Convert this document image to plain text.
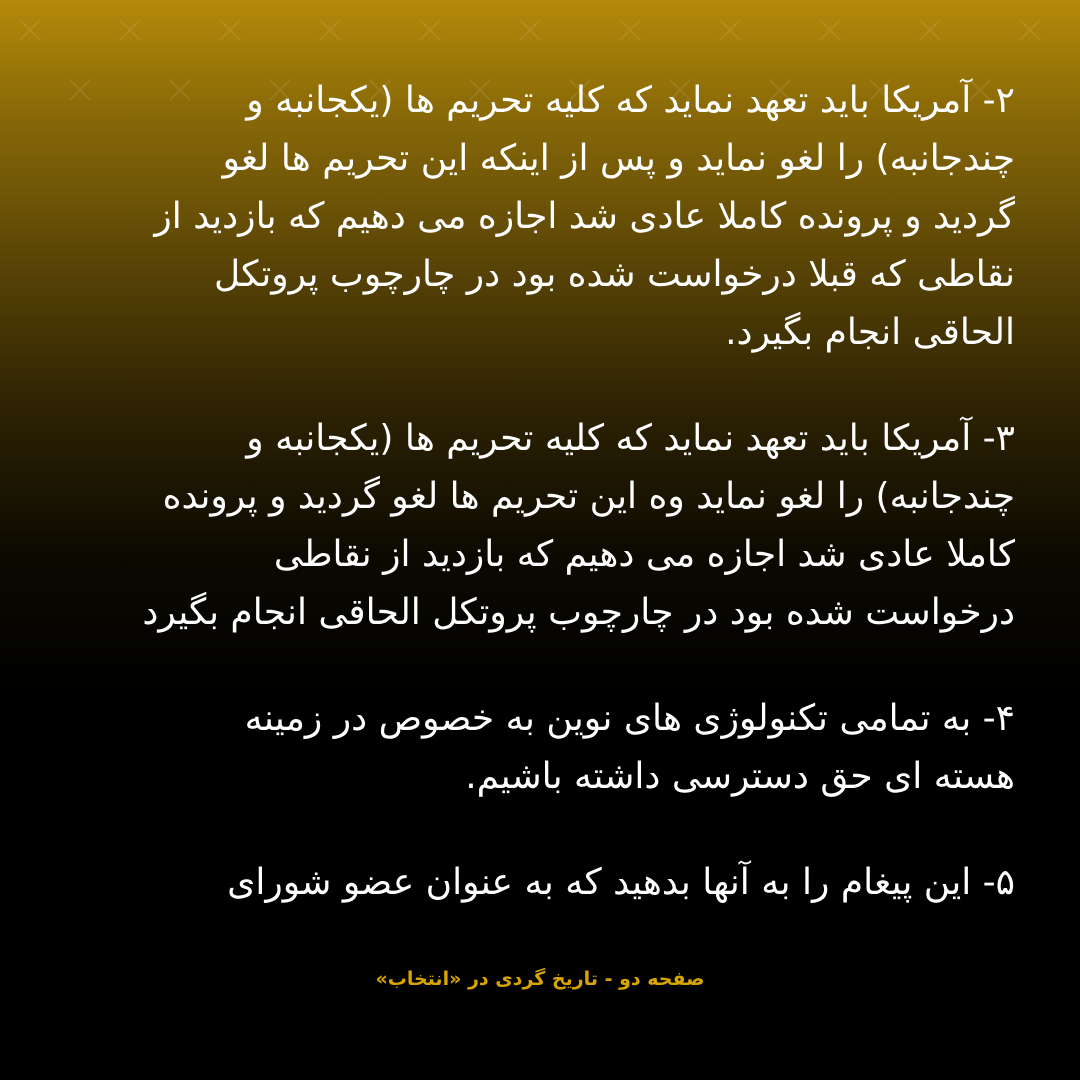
۲- آمریکا باید تعهد نماید که کلیه تحریم ها (یکجانبه و
چندجانبه) را لغو نماید و پس از اینکه این تحریم ها لغو
گردید و پرونده کاملا عادی شد اجازه می دهیم که بازدید از
نقاطی که قبلا درخواست شده بود در چارچوب پروتکل
الحاقی انجام بگیرد.
۳- آمریکا باید تعهد نماید که کلیه تحریم ها (یکجانبه و
چندجانبه) را لغو نماید وه این تحریم ها لغو گردید و پرونده
کاملا عادی شد اجازه می دهیم که بازدید از نقاطی
درخواست شده بود در چارچوب پروتکل الحاقی انجام بگیرد
۴- به تمامی تکنولوژی های نوین به خصوص در زمینه
هسته ای حق دسترسی داشته باشیم.
۵- این پیغام را به آنها بدهید که به عنوان عضو شورای
صفحه دو - تاریخ گردی در «انتخاب»
